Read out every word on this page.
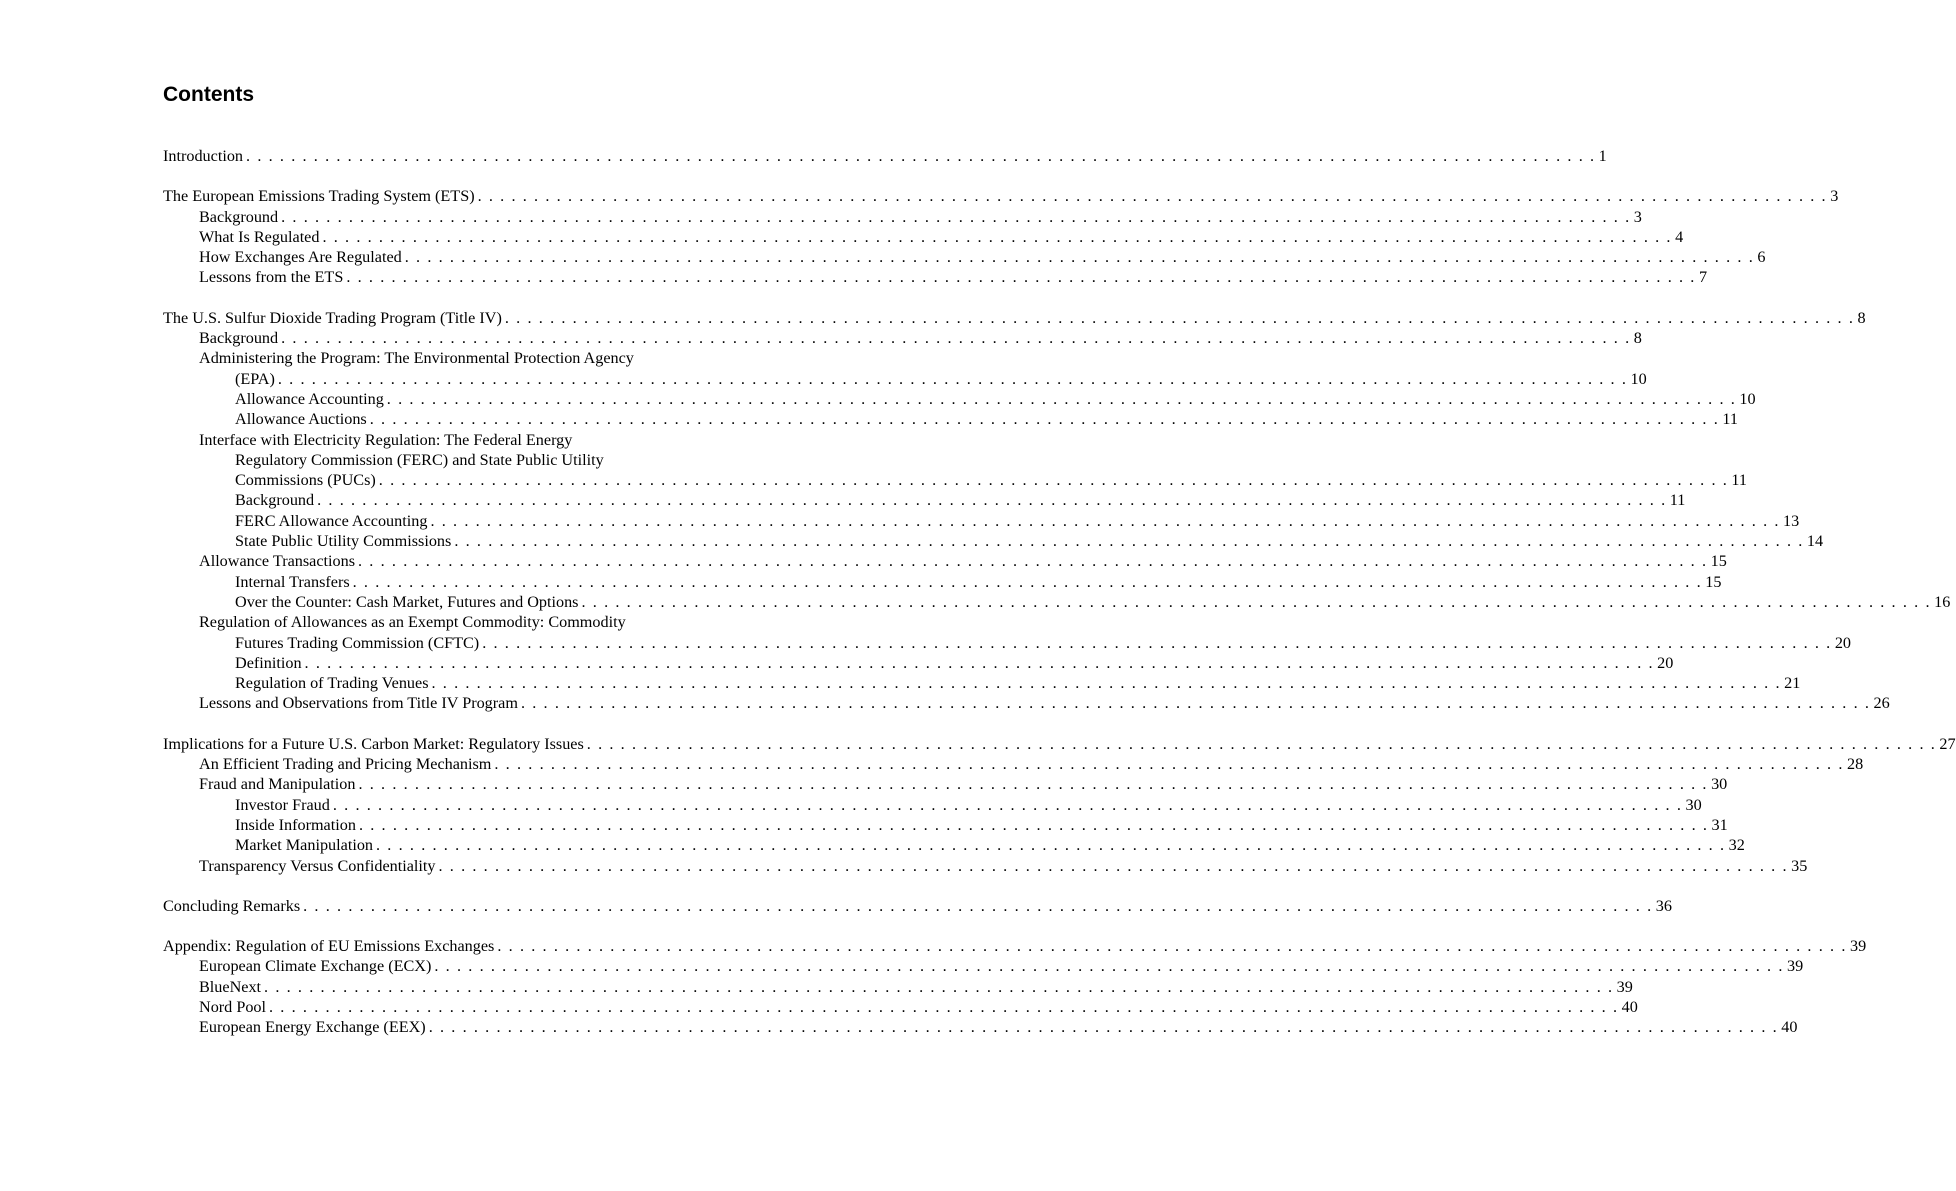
Contents
Introduction . . . . . . . . . . . . . . . . . . . . . . . . . . . . . . . . . . . . . . . . . . . . . . . . . . . . . . . . . . . . . . . . . . . . . . . . . . . . . . . . . . . . . . . . . . . . . . . . . . . . . . . . . . . . . . . . . . . . . . . . 1
The European Emissions Trading System (ETS) . . . . . . . . . . . . . . . . . . . . . . . . . . . . . . . . . . . . . . . . . . . . . . . . . . . . . . . . . . . . . . . . . . . . . . . . . . . . . . . . . . . . . . . . . . . . . . . . . . . . . . . . . . . . . . . . . . . . . . . . 3
Background . . . . . . . . . . . . . . . . . . . . . . . . . . . . . . . . . . . . . . . . . . . . . . . . . . . . . . . . . . . . . . . . . . . . . . . . . . . . . . . . . . . . . . . . . . . . . . . . . . . . . . . . . . . . . . . . . . . . . . . . 3
What Is Regulated . . . . . . . . . . . . . . . . . . . . . . . . . . . . . . . . . . . . . . . . . . . . . . . . . . . . . . . . . . . . . . . . . . . . . . . . . . . . . . . . . . . . . . . . . . . . . . . . . . . . . . . . . . . . . . . . . . . . . . . . 4
How Exchanges Are Regulated . . . . . . . . . . . . . . . . . . . . . . . . . . . . . . . . . . . . . . . . . . . . . . . . . . . . . . . . . . . . . . . . . . . . . . . . . . . . . . . . . . . . . . . . . . . . . . . . . . . . . . . . . . . . . . . . . . . . . . . . 6
Lessons from the ETS . . . . . . . . . . . . . . . . . . . . . . . . . . . . . . . . . . . . . . . . . . . . . . . . . . . . . . . . . . . . . . . . . . . . . . . . . . . . . . . . . . . . . . . . . . . . . . . . . . . . . . . . . . . . . . . . . . . . . . . . 7
The U.S. Sulfur Dioxide Trading Program (Title IV) . . . . . . . . . . . . . . . . . . . . . . . . . . . . . . . . . . . . . . . . . . . . . . . . . . . . . . . . . . . . . . . . . . . . . . . . . . . . . . . . . . . . . . . . . . . . . . . . . . . . . . . . . . . . . . . . . . . . . . . . 8
Background . . . . . . . . . . . . . . . . . . . . . . . . . . . . . . . . . . . . . . . . . . . . . . . . . . . . . . . . . . . . . . . . . . . . . . . . . . . . . . . . . . . . . . . . . . . . . . . . . . . . . . . . . . . . . . . . . . . . . . . . 8
Administering the Program: The Environmental Protection Agency
(EPA) . . . . . . . . . . . . . . . . . . . . . . . . . . . . . . . . . . . . . . . . . . . . . . . . . . . . . . . . . . . . . . . . . . . . . . . . . . . . . . . . . . . . . . . . . . . . . . . . . . . . . . . . . . . . . . . . . . . . . . . . 10
Allowance Accounting . . . . . . . . . . . . . . . . . . . . . . . . . . . . . . . . . . . . . . . . . . . . . . . . . . . . . . . . . . . . . . . . . . . . . . . . . . . . . . . . . . . . . . . . . . . . . . . . . . . . . . . . . . . . . . . . . . . . . . . . 10
Allowance Auctions . . . . . . . . . . . . . . . . . . . . . . . . . . . . . . . . . . . . . . . . . . . . . . . . . . . . . . . . . . . . . . . . . . . . . . . . . . . . . . . . . . . . . . . . . . . . . . . . . . . . . . . . . . . . . . . . . . . . . . . . 11
Interface with Electricity Regulation: The Federal Energy
Regulatory Commission (FERC) and State Public Utility
Commissions (PUCs) . . . . . . . . . . . . . . . . . . . . . . . . . . . . . . . . . . . . . . . . . . . . . . . . . . . . . . . . . . . . . . . . . . . . . . . . . . . . . . . . . . . . . . . . . . . . . . . . . . . . . . . . . . . . . . . . . . . . . . . . 11
Background . . . . . . . . . . . . . . . . . . . . . . . . . . . . . . . . . . . . . . . . . . . . . . . . . . . . . . . . . . . . . . . . . . . . . . . . . . . . . . . . . . . . . . . . . . . . . . . . . . . . . . . . . . . . . . . . . . . . . . . . 11
FERC Allowance Accounting . . . . . . . . . . . . . . . . . . . . . . . . . . . . . . . . . . . . . . . . . . . . . . . . . . . . . . . . . . . . . . . . . . . . . . . . . . . . . . . . . . . . . . . . . . . . . . . . . . . . . . . . . . . . . . . . . . . . . . . . 13
State Public Utility Commissions . . . . . . . . . . . . . . . . . . . . . . . . . . . . . . . . . . . . . . . . . . . . . . . . . . . . . . . . . . . . . . . . . . . . . . . . . . . . . . . . . . . . . . . . . . . . . . . . . . . . . . . . . . . . . . . . . . . . . . . . 14
Allowance Transactions . . . . . . . . . . . . . . . . . . . . . . . . . . . . . . . . . . . . . . . . . . . . . . . . . . . . . . . . . . . . . . . . . . . . . . . . . . . . . . . . . . . . . . . . . . . . . . . . . . . . . . . . . . . . . . . . . . . . . . . . 15
Internal Transfers . . . . . . . . . . . . . . . . . . . . . . . . . . . . . . . . . . . . . . . . . . . . . . . . . . . . . . . . . . . . . . . . . . . . . . . . . . . . . . . . . . . . . . . . . . . . . . . . . . . . . . . . . . . . . . . . . . . . . . . . 15
Over the Counter: Cash Market, Futures and Options . . . . . . . . . . . . . . . . . . . . . . . . . . . . . . . . . . . . . . . . . . . . . . . . . . . . . . . . . . . . . . . . . . . . . . . . . . . . . . . . . . . . . . . . . . . . . . . . . . . . . . . . . . . . . . . . . . . . . . . . 16
Regulation of Allowances as an Exempt Commodity: Commodity
Futures Trading Commission (CFTC) . . . . . . . . . . . . . . . . . . . . . . . . . . . . . . . . . . . . . . . . . . . . . . . . . . . . . . . . . . . . . . . . . . . . . . . . . . . . . . . . . . . . . . . . . . . . . . . . . . . . . . . . . . . . . . . . . . . . . . . . 20
Definition . . . . . . . . . . . . . . . . . . . . . . . . . . . . . . . . . . . . . . . . . . . . . . . . . . . . . . . . . . . . . . . . . . . . . . . . . . . . . . . . . . . . . . . . . . . . . . . . . . . . . . . . . . . . . . . . . . . . . . . . 20
Regulation of Trading Venues . . . . . . . . . . . . . . . . . . . . . . . . . . . . . . . . . . . . . . . . . . . . . . . . . . . . . . . . . . . . . . . . . . . . . . . . . . . . . . . . . . . . . . . . . . . . . . . . . . . . . . . . . . . . . . . . . . . . . . . . 21
Lessons and Observations from Title IV Program . . . . . . . . . . . . . . . . . . . . . . . . . . . . . . . . . . . . . . . . . . . . . . . . . . . . . . . . . . . . . . . . . . . . . . . . . . . . . . . . . . . . . . . . . . . . . . . . . . . . . . . . . . . . . . . . . . . . . . . . 26
Implications for a Future U.S. Carbon Market: Regulatory Issues . . . . . . . . . . . . . . . . . . . . . . . . . . . . . . . . . . . . . . . . . . . . . . . . . . . . . . . . . . . . . . . . . . . . . . . . . . . . . . . . . . . . . . . . . . . . . . . . . . . . . . . . . . . . . . . . . . . . . . . . 27
An Efficient Trading and Pricing Mechanism . . . . . . . . . . . . . . . . . . . . . . . . . . . . . . . . . . . . . . . . . . . . . . . . . . . . . . . . . . . . . . . . . . . . . . . . . . . . . . . . . . . . . . . . . . . . . . . . . . . . . . . . . . . . . . . . . . . . . . . . 28
Fraud and Manipulation . . . . . . . . . . . . . . . . . . . . . . . . . . . . . . . . . . . . . . . . . . . . . . . . . . . . . . . . . . . . . . . . . . . . . . . . . . . . . . . . . . . . . . . . . . . . . . . . . . . . . . . . . . . . . . . . . . . . . . . . 30
Investor Fraud . . . . . . . . . . . . . . . . . . . . . . . . . . . . . . . . . . . . . . . . . . . . . . . . . . . . . . . . . . . . . . . . . . . . . . . . . . . . . . . . . . . . . . . . . . . . . . . . . . . . . . . . . . . . . . . . . . . . . . . . 30
Inside Information . . . . . . . . . . . . . . . . . . . . . . . . . . . . . . . . . . . . . . . . . . . . . . . . . . . . . . . . . . . . . . . . . . . . . . . . . . . . . . . . . . . . . . . . . . . . . . . . . . . . . . . . . . . . . . . . . . . . . . . . 31
Market Manipulation . . . . . . . . . . . . . . . . . . . . . . . . . . . . . . . . . . . . . . . . . . . . . . . . . . . . . . . . . . . . . . . . . . . . . . . . . . . . . . . . . . . . . . . . . . . . . . . . . . . . . . . . . . . . . . . . . . . . . . . . 32
Transparency Versus Confidentiality . . . . . . . . . . . . . . . . . . . . . . . . . . . . . . . . . . . . . . . . . . . . . . . . . . . . . . . . . . . . . . . . . . . . . . . . . . . . . . . . . . . . . . . . . . . . . . . . . . . . . . . . . . . . . . . . . . . . . . . . 35
Concluding Remarks . . . . . . . . . . . . . . . . . . . . . . . . . . . . . . . . . . . . . . . . . . . . . . . . . . . . . . . . . . . . . . . . . . . . . . . . . . . . . . . . . . . . . . . . . . . . . . . . . . . . . . . . . . . . . . . . . . . . . . . . 36
Appendix: Regulation of EU Emissions Exchanges . . . . . . . . . . . . . . . . . . . . . . . . . . . . . . . . . . . . . . . . . . . . . . . . . . . . . . . . . . . . . . . . . . . . . . . . . . . . . . . . . . . . . . . . . . . . . . . . . . . . . . . . . . . . . . . . . . . . . . . . 39
European Climate Exchange (ECX) . . . . . . . . . . . . . . . . . . . . . . . . . . . . . . . . . . . . . . . . . . . . . . . . . . . . . . . . . . . . . . . . . . . . . . . . . . . . . . . . . . . . . . . . . . . . . . . . . . . . . . . . . . . . . . . . . . . . . . . . 39
BlueNext . . . . . . . . . . . . . . . . . . . . . . . . . . . . . . . . . . . . . . . . . . . . . . . . . . . . . . . . . . . . . . . . . . . . . . . . . . . . . . . . . . . . . . . . . . . . . . . . . . . . . . . . . . . . . . . . . . . . . . . . 39
Nord Pool . . . . . . . . . . . . . . . . . . . . . . . . . . . . . . . . . . . . . . . . . . . . . . . . . . . . . . . . . . . . . . . . . . . . . . . . . . . . . . . . . . . . . . . . . . . . . . . . . . . . . . . . . . . . . . . . . . . . . . . . 40
European Energy Exchange (EEX) . . . . . . . . . . . . . . . . . . . . . . . . . . . . . . . . . . . . . . . . . . . . . . . . . . . . . . . . . . . . . . . . . . . . . . . . . . . . . . . . . . . . . . . . . . . . . . . . . . . . . . . . . . . . . . . . . . . . . . . . 40
